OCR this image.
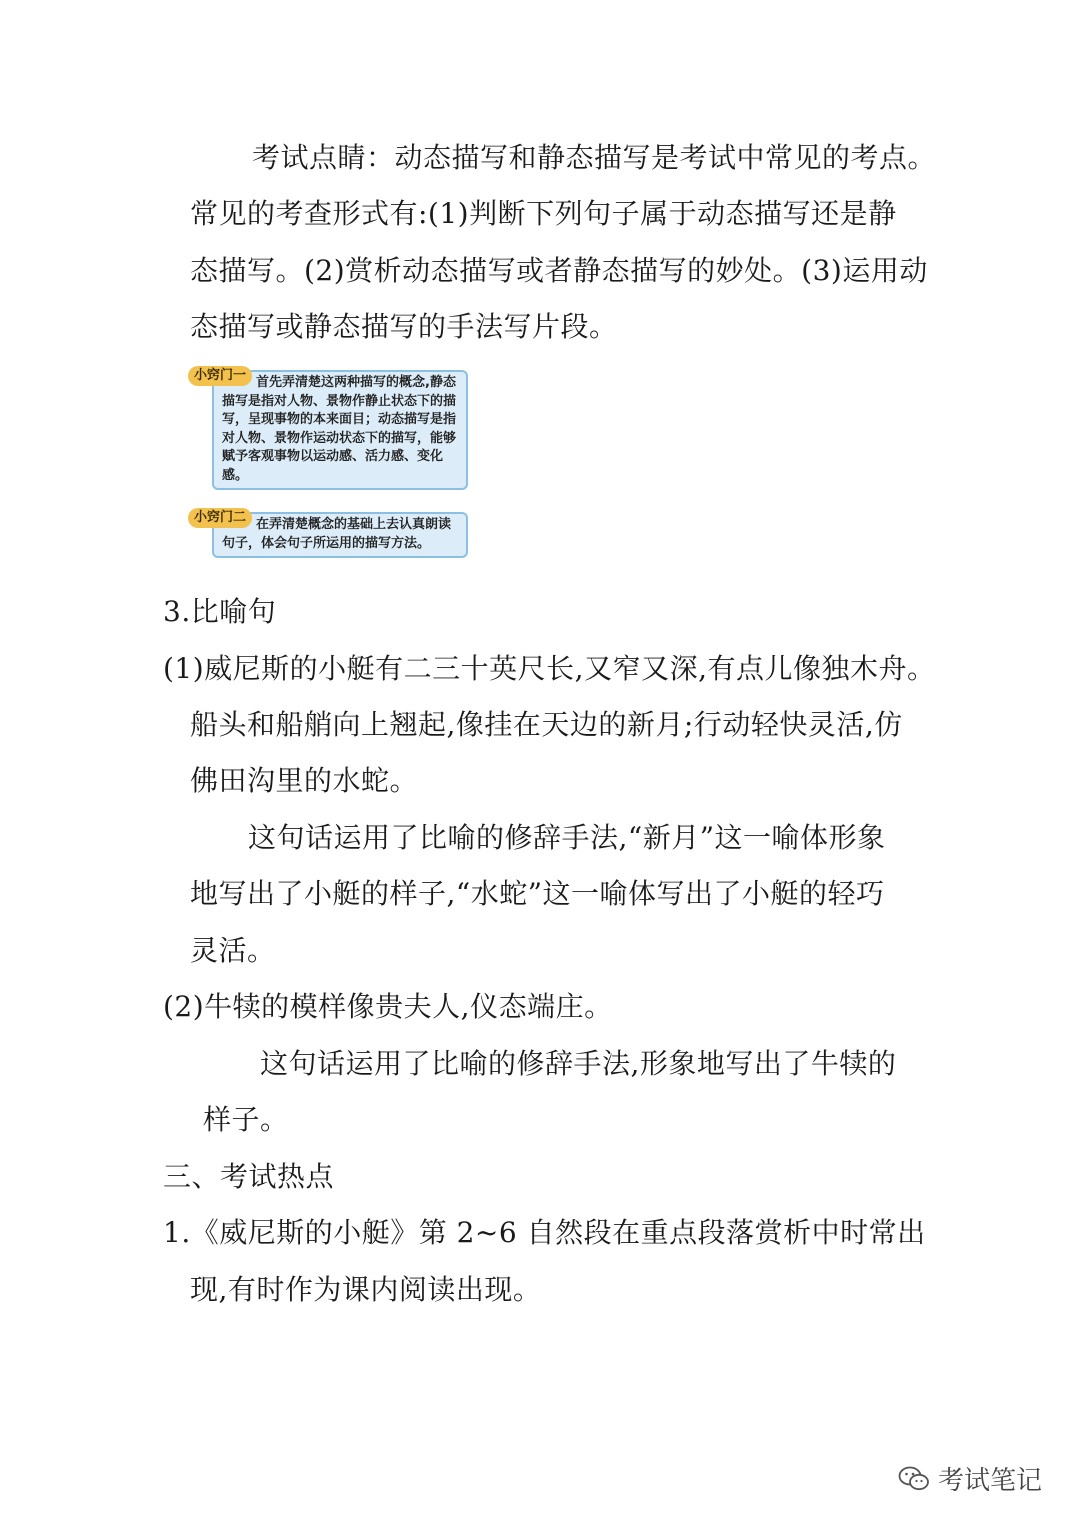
考试点睛：动态描写和静态描写是考试中常见的考点。
常见的考查形式有:(1)判断下列句子属于动态描写还是静
态描写。(2)赏析动态描写或者静态描写的妙处。(3)运用动
态描写或静态描写的手法写片段。
小窍门一 首先弄清楚这两种描写的概念,静态描写是指对人物、景物作静止状态下的描写，呈现事物的本来面目；动态描写是指对人物、景物作运动状态下的描写，能够赋予客观事物以运动感、活力感、变化感。
小窍门二 在弄清楚概念的基础上去认真朗读句子，体会句子所运用的描写方法。
3.比喻句
(1)威尼斯的小艇有二三十英尺长,又窄又深,有点儿像独木舟。
船头和船艄向上翘起,像挂在天边的新月;行动轻快灵活,仿
佛田沟里的水蛇。
这句话运用了比喻的修辞手法,“新月”这一喻体形象
地写出了小艇的样子,“水蛇”这一喻体写出了小艇的轻巧
灵活。
(2)牛犊的模样像贵夫人,仪态端庄。
这句话运用了比喻的修辞手法,形象地写出了牛犊的
样子。
三、考试热点
1.《威尼斯的小艇》第 2~6 自然段在重点段落赏析中时常出
现,有时作为课内阅读出现。
考试笔记
